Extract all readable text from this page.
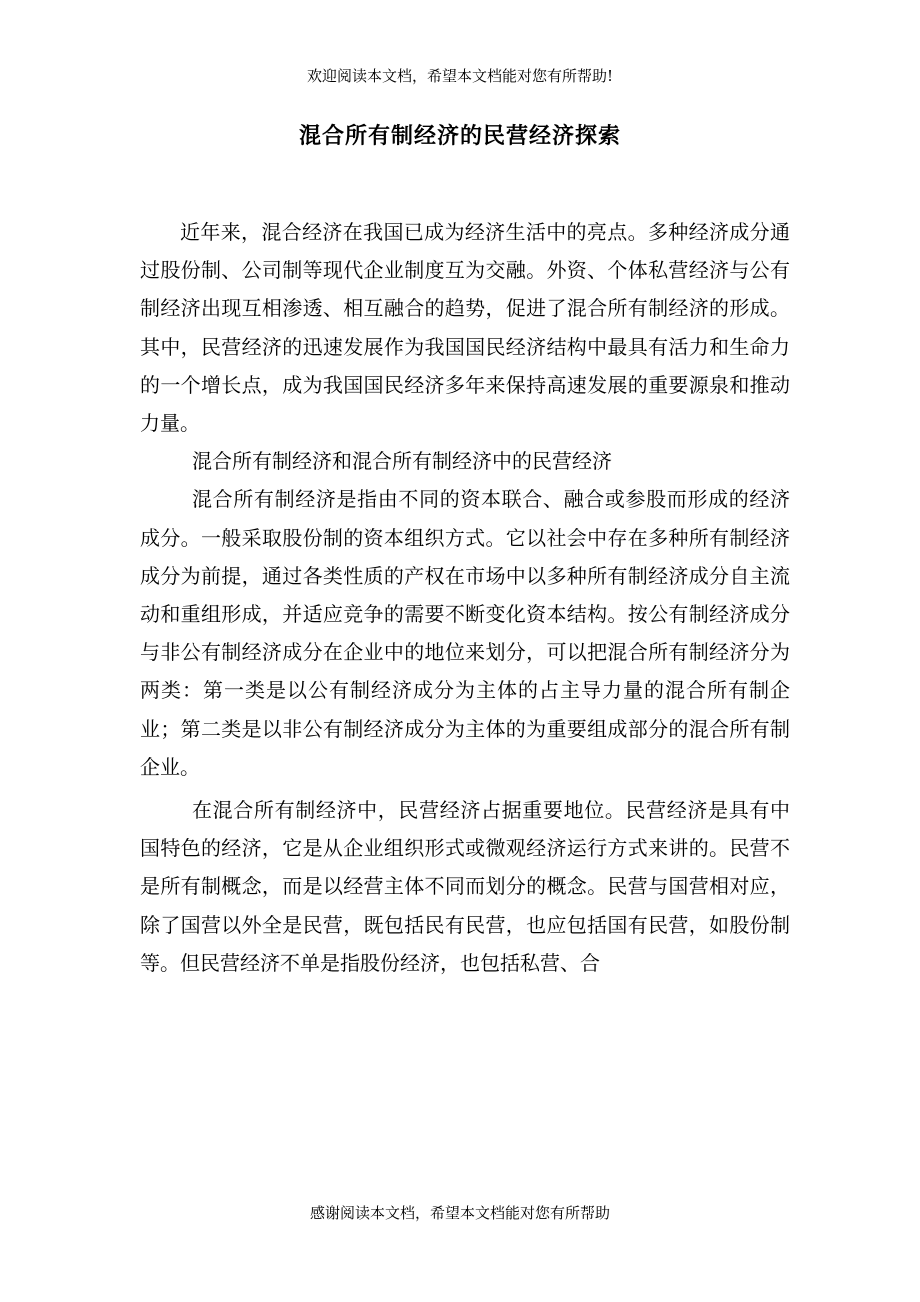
欢迎阅读本文档，希望本文档能对您有所帮助!
混合所有制经济的民营经济探索

近年来，混合经济在我国已成为经济生活中的亮点。多种经济成分通过股份制、公司制等现代企业制度互为交融。外资、个体私营经济与公有制经济出现互相渗透、相互融合的趋势，促进了混合所有制经济的形成。其中，民营经济的迅速发展作为我国国民经济结构中最具有活力和生命力的一个增长点，成为我国国民经济多年来保持高速发展的重要源泉和推动力量。

混合所有制经济和混合所有制经济中的民营经济

混合所有制经济是指由不同的资本联合、融合或参股而形成的经济成分。一般采取股份制的资本组织方式。它以社会中存在多种所有制经济成分为前提，通过各类性质的产权在市场中以多种所有制经济成分自主流动和重组形成，并适应竞争的需要不断变化资本结构。按公有制经济成分与非公有制经济成分在企业中的地位来划分，可以把混合所有制经济分为两类：第一类是以公有制经济成分为主体的占主导力量的混合所有制企业；第二类是以非公有制经济成分为主体的为重要组成部分的混合所有制企业。

在混合所有制经济中，民营经济占据重要地位。民营经济是具有中国特色的经济，它是从企业组织形式或微观经济运行方式来讲的。民营不是所有制概念，而是以经营主体不同而划分的概念。民营与国营相对应，除了国营以外全是民营，既包括民有民营，也应包括国有民营，如股份制等。但民营经济不单是指股份经济，也包括私营、合

感谢阅读本文档，希望本文档能对您有所帮助
